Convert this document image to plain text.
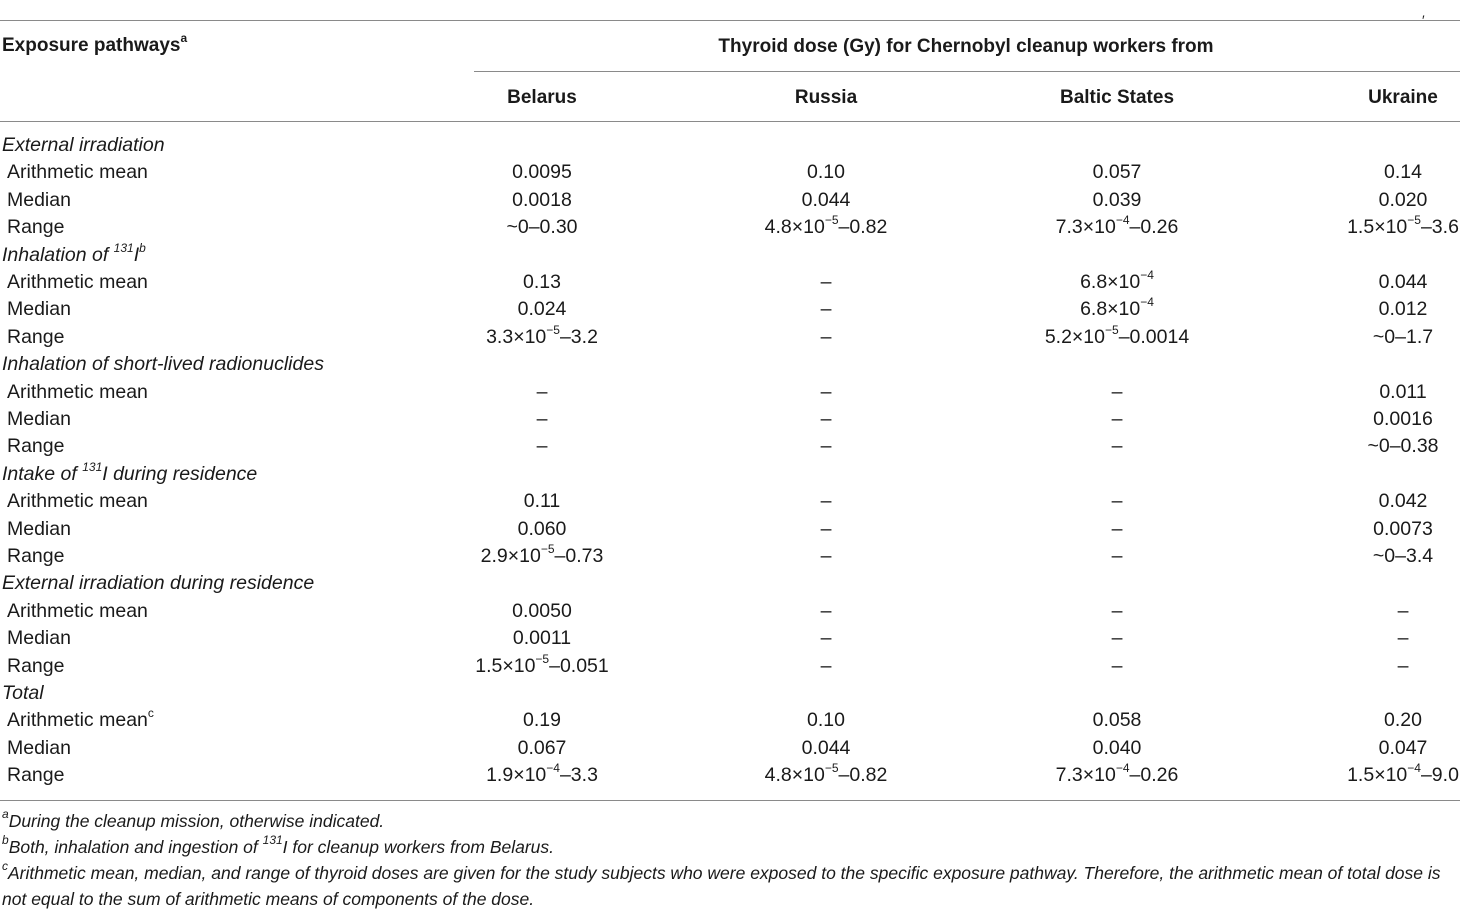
′
Exposure pathways$^a$	Thyroid dose (Gy) for Chernobyl cleanup workers from
Belarus	Russia	Baltic States	Ukraine
External irradiation
Arithmetic mean	0.0095	0.10	0.057	0.14
Median	0.0018	0.044	0.039	0.020
Range	~0–0.30	$4.8\times 10^{-5}-0.82$	$7.3\times 10^{-4}-0.26$	$1.5\times 10^{-5}-3.6$
Inhalation of $^{131}I^b$
Arithmetic mean	0.13	–	$6.8\times 10^{-4}$	0.044
Median	0.024	–	$6.8\times 10^{-4}$	0.012
Range	$3.3\times 10^{-5}-3.2$	–	$5.2\times 10^{-5}-0.0014$	~0–1.7
Inhalation of short-lived radionuclides
Arithmetic mean	–	–	–	0.011
Median	–	–	–	0.0016
Range	–	–	–	~0–0.38
Intake of $^{131}$I during residence
Arithmetic mean	0.11	–	–	0.042
Median	0.060	–	–	0.0073
Range	$2.9\times 10^{-5}-0.73$	–	–	~0–3.4
External irradiation during residence
Arithmetic mean	0.0050	–	–	–
Median	0.0011	–	–	–
Range	$1.5\times 10^{-5}-0.051$	–	–	–
Total
Arithmetic mean$^c$	0.19	0.10	0.058	0.20
Median	0.067	0.044	0.040	0.047
Range	$1.9\times 10^{-4}-3.3$	$4.8\times 10^{-5}-0.82$	$7.3\times 10^{-4}-0.26$	$1.5\times 10^{-4}-9.0$
$^a$During the cleanup mission, otherwise indicated.
$^b$Both, inhalation and ingestion of $^{131}$I for cleanup workers from Belarus.
$^c$Arithmetic mean, median, and range of thyroid doses are given for the study subjects who were exposed to the specific exposure pathway. Therefore, the arithmetic mean of total dose is not equal to the sum of arithmetic means of components of the dose.
